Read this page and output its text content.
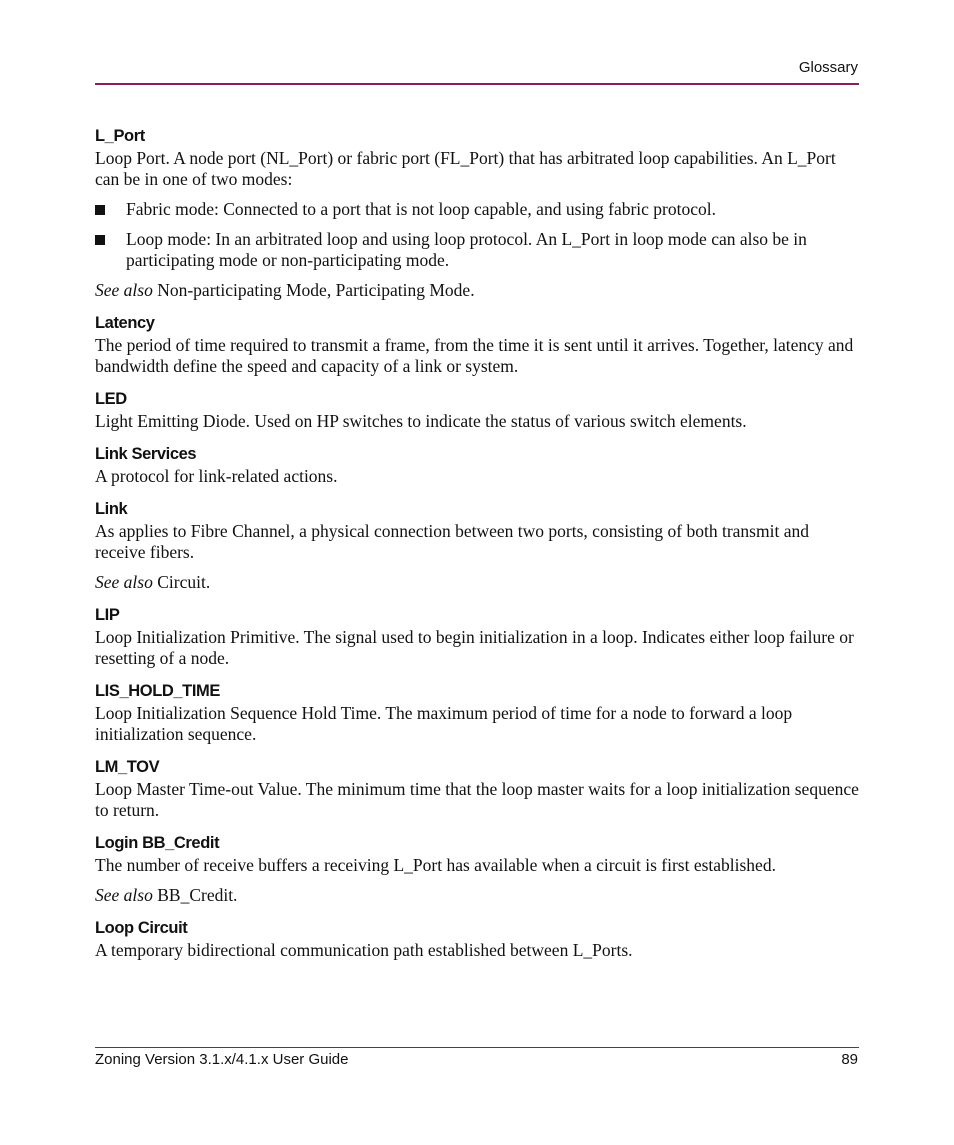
Glossary

L_Port

Loop Port. A node port (NL_Port) or fabric port (FL_Port) that has arbitrated loop capabilities. An L_Port can be in one of two modes:

Fabric mode: Connected to a port that is not loop capable, and using fabric protocol.
Loop mode: In an arbitrated loop and using loop protocol. An L_Port in loop mode can also be in participating mode or non-participating mode.

See also Non-participating Mode, Participating Mode.

Latency

The period of time required to transmit a frame, from the time it is sent until it arrives. Together, latency and bandwidth define the speed and capacity of a link or system.

LED

Light Emitting Diode. Used on HP switches to indicate the status of various switch elements.

Link Services

A protocol for link-related actions.

Link

As applies to Fibre Channel, a physical connection between two ports, consisting of both transmit and receive fibers.

See also Circuit.

LIP

Loop Initialization Primitive. The signal used to begin initialization in a loop. Indicates either loop failure or resetting of a node.

LIS_HOLD_TIME

Loop Initialization Sequence Hold Time. The maximum period of time for a node to forward a loop initialization sequence.

LM_TOV

Loop Master Time-out Value. The minimum time that the loop master waits for a loop initialization sequence to return.

Login BB_Credit

The number of receive buffers a receiving L_Port has available when a circuit is first established.

See also BB_Credit.

Loop Circuit

A temporary bidirectional communication path established between L_Ports.

Zoning Version 3.1.x/4.1.x User Guide	89
